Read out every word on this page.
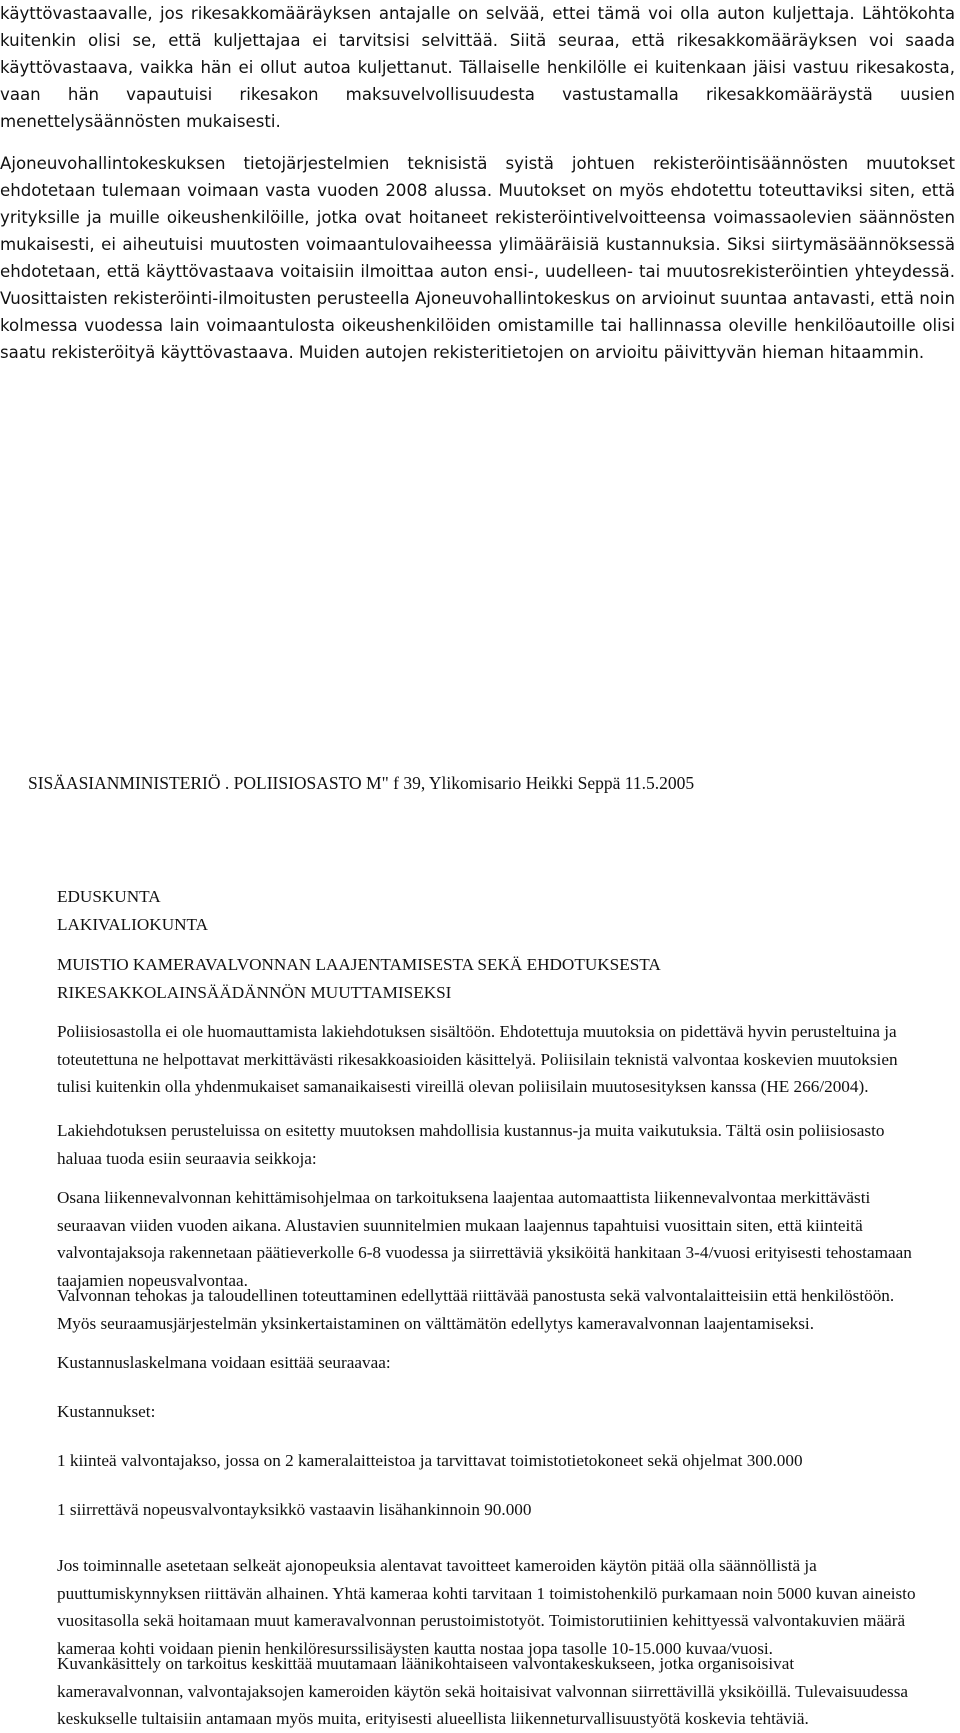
käyttövastaavalle, jos rikesakkomääräyksen antajalle on selvää, ettei tämä voi olla auton kuljettaja. Lähtökohta kuitenkin olisi se, että kuljettajaa ei tarvitsisi selvittää. Siitä seuraa, että rikesakkomääräyksen voi saada käyttövastaava, vaikka hän ei ollut autoa kuljettanut. Tällaiselle henkilölle ei kuitenkaan jäisi vastuu rikesakosta, vaan hän vapautuisi rikesakon maksuvelvollisuudesta vastustamalla rikesakkomääräystä uusien menettelysäännösten mukaisesti.

Ajoneuvohallintokeskuksen tietojärjestelmien teknisistä syistä johtuen rekisteröintisäännösten muutokset ehdotetaan tulemaan voimaan vasta vuoden 2008 alussa. Muutokset on myös ehdotettu toteuttaviksi siten, että yrityksille ja muille oikeushenkilöille, jotka ovat hoitaneet rekisteröintivelvoitteensa voimassaolevien säännösten mukaisesti, ei aiheutuisi muutosten voimaantulovaiheessa ylimääräisiä kustannuksia. Siksi siirtymäsäännöksessä ehdotetaan, että käyttövastaava voitaisiin ilmoittaa auton ensi-, uudelleen- tai muutosrekisteröintien yhteydessä. Vuosittaisten rekisteröinti-ilmoitusten perusteella Ajoneuvohallintokeskus on arvioinut suuntaa antavasti, että noin kolmessa vuodessa lain voimaantulosta oikeushenkilöiden omistamille tai hallinnassa oleville henkilöautoille olisi saatu rekisteröityä käyttövastaava. Muiden autojen rekisteritietojen on arvioitu päivittyvän hieman hitaammin.

SISÄASIANMINISTERIÖ . POLIISIOSASTO M" f 39, Ylikomisario Heikki Seppä 11.5.2005

EDUSKUNTA

LAKIVALIOKUNTA

MUISTIO KAMERAVALVONNAN LAAJENTAMISESTA SEKÄ EHDOTUKSESTA

RIKESAKKOLAINSÄÄDÄNNÖN MUUTTAMISEKSI

Poliisiosastolla ei ole huomauttamista lakiehdotuksen sisältöön. Ehdotettuja muutoksia on pidettävä hyvin perusteltuina ja toteutettuna ne helpottavat merkittävästi rikesakkoasioiden käsittelyä. Poliisilain teknistä valvontaa koskevien muutoksien tulisi kuitenkin olla yhdenmukaiset samanaikaisesti vireillä olevan poliisilain muutosesityksen kanssa (HE 266/2004).

Lakiehdotuksen perusteluissa on esitetty muutoksen mahdollisia kustannus-ja muita vaikutuksia. Tältä osin poliisiosasto haluaa tuoda esiin seuraavia seikkoja:

Osana liikennevalvonnan kehittämisohjelmaa on tarkoituksena laajentaa automaattista liikennevalvontaa merkittävästi seuraavan viiden vuoden aikana. Alustavien suunnitelmien mukaan laajennus tapahtuisi vuosittain siten, että kiinteitä valvontajaksoja rakennetaan päätieverkolle 6-8 vuodessa ja siirrettäviä yksiköitä hankitaan 3-4/vuosi erityisesti tehostamaan taajamien nopeusvalvontaa.

Valvonnan tehokas ja taloudellinen toteuttaminen edellyttää riittävää panostusta sekä valvontalaitteisiin että henkilöstöön. Myös seuraamusjärjestelmän yksinkertaistaminen on välttämätön edellytys kameravalvonnan laajentamiseksi.

Kustannuslaskelmana voidaan esittää seuraavaa:

Kustannukset:

1 kiinteä valvontajakso, jossa on 2 kameralaitteistoa ja tarvittavat toimistotietokoneet sekä ohjelmat 300.000

1 siirrettävä nopeusvalvontayksikkö vastaavin lisähankinnoin 90.000

Jos toiminnalle asetetaan selkeät ajonopeuksia alentavat tavoitteet kameroiden käytön pitää olla säännöllistä ja puuttumiskynnyksen riittävän alhainen. Yhtä kameraa kohti tarvitaan 1 toimistohenkilö purkamaan noin 5000 kuvan aineisto vuositasolla sekä hoitamaan muut kameravalvonnan perustoimistotyöt. Toimistorutiinien kehittyessä valvontakuvien määrä kameraa kohti voidaan pienin henkilöresurssilisäysten kautta nostaa jopa tasolle 10-15.000 kuvaa/vuosi.

Kuvankäsittely on tarkoitus keskittää muutamaan läänikohtaiseen valvontakeskukseen, jotka organisoisivat kameravalvonnan, valvontajaksojen kameroiden käytön sekä hoitaisivat valvonnan siirrettävillä yksiköillä. Tulevaisuudessa keskukselle tultaisiin antamaan myös muita, erityisesti alueellista liikenneturvallisuustyötä koskevia tehtäviä.
